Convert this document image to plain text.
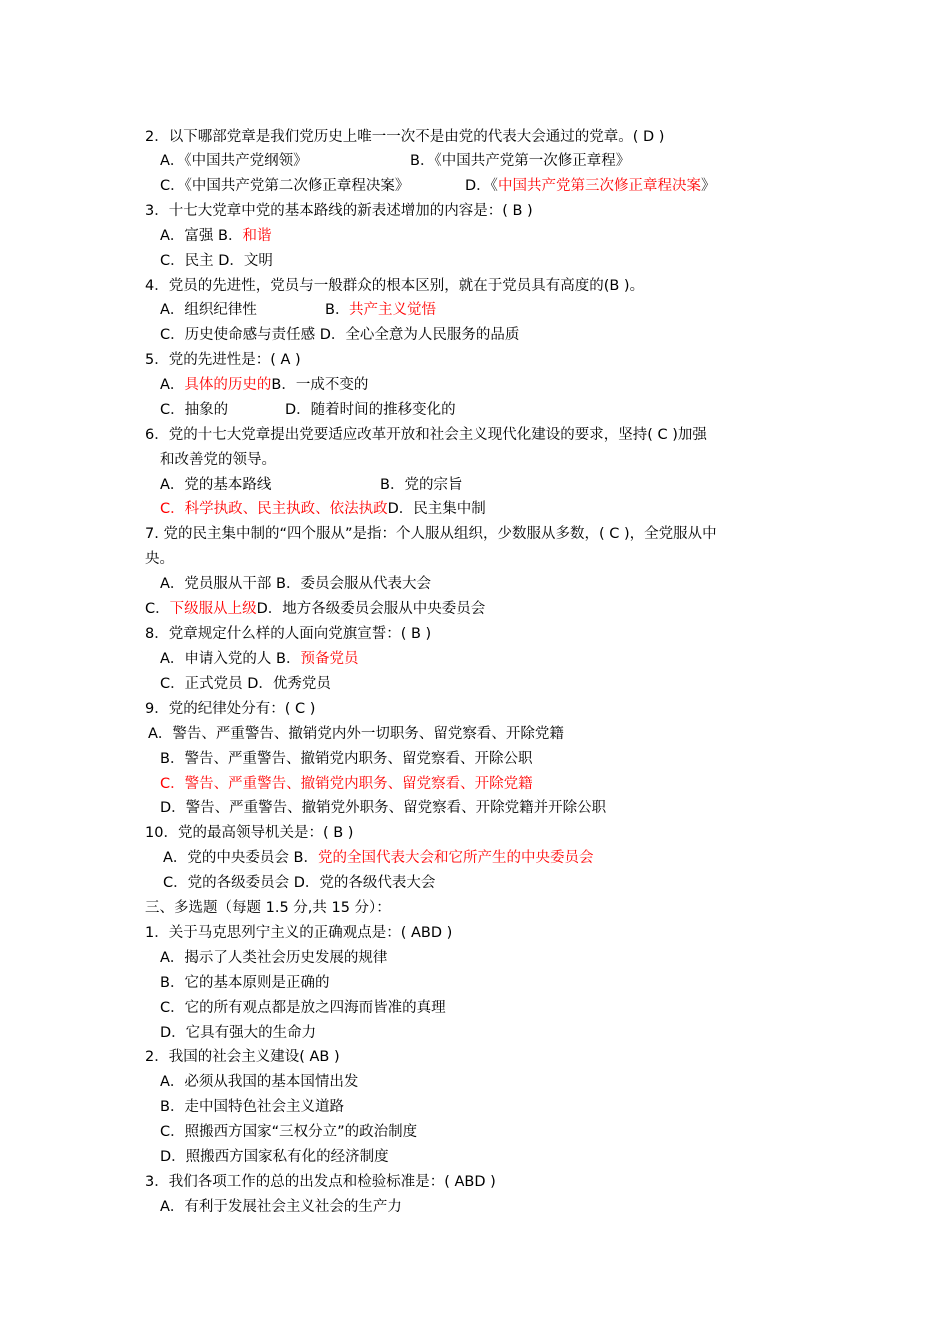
2．以下哪部党章是我们党历史上唯一一次不是由党的代表大会通过的党章。( D )
A．《中国共产党纲领》	B．《中国共产党第一次修正章程》
C．《中国共产党第二次修正章程决案》	D．《 中国共产党第三次修正章程决案 》
3．十七大党章中党的基本路线的新表述增加的内容是：( B )
A．富强 B．和谐
C．民主 D．文明
4．党员的先进性，党员与一般群众的根本区别，就在于党员具有高度的(B )。
A．组织纪律性	B． 共产主义觉悟
C．历史使命感与责任感 D．全心全意为人民服务的品质
5．党的先进性是：( A )
A．具体的历史的B．一成不变的
C．抽象的	D．随着时间的推移变化的
6．党的十七大党章提出党要适应改革开放和社会主义现代化建设的要求，坚持( C )加强
和改善党的领导。
A．党的基本路线	B．党的宗旨
C．科学执政、民主执政、依法执政D．民主集中制
7. 党的民主集中制的“四个服从”是指：个人服从组织，少数服从多数，( C )，全党服从中
央。
A．党员服从干部 B．委员会服从代表大会
C．下级服从上级D．地方各级委员会服从中央委员会
8．党章规定什么样的人面向党旗宣誓：( B )
A．申请入党的人 B．预备党员
C．正式党员 D．优秀党员
9．党的纪律处分有：( C )
A．警告、严重警告、撤销党内外一切职务、留党察看、开除党籍
B．警告、严重警告、撤销党内职务、留党察看、开除公职
C．警告、严重警告、撤销党内职务、留党察看、开除党籍
D．警告、严重警告、撤销党外职务、留党察看、开除党籍并开除公职
10．党的最高领导机关是：( B )
A．党的中央委员会 B．党的全国代表大会和它所产生的中央委员会
C．党的各级委员会 D．党的各级代表大会
三、多选题（每题 1.5 分,共 15 分）：
1．关于马克思列宁主义的正确观点是：( ABD )
A．揭示了人类社会历史发展的规律
B．它的基本原则是正确的
C．它的所有观点都是放之四海而皆准的真理
D．它具有强大的生命力
2．我国的社会主义建设( AB )
A．必须从我国的基本国情出发
B．走中国特色社会主义道路
C．照搬西方国家“三权分立”的政治制度
D．照搬西方国家私有化的经济制度
3．我们各项工作的总的出发点和检验标准是：( ABD )
A．有利于发展社会主义社会的生产力
